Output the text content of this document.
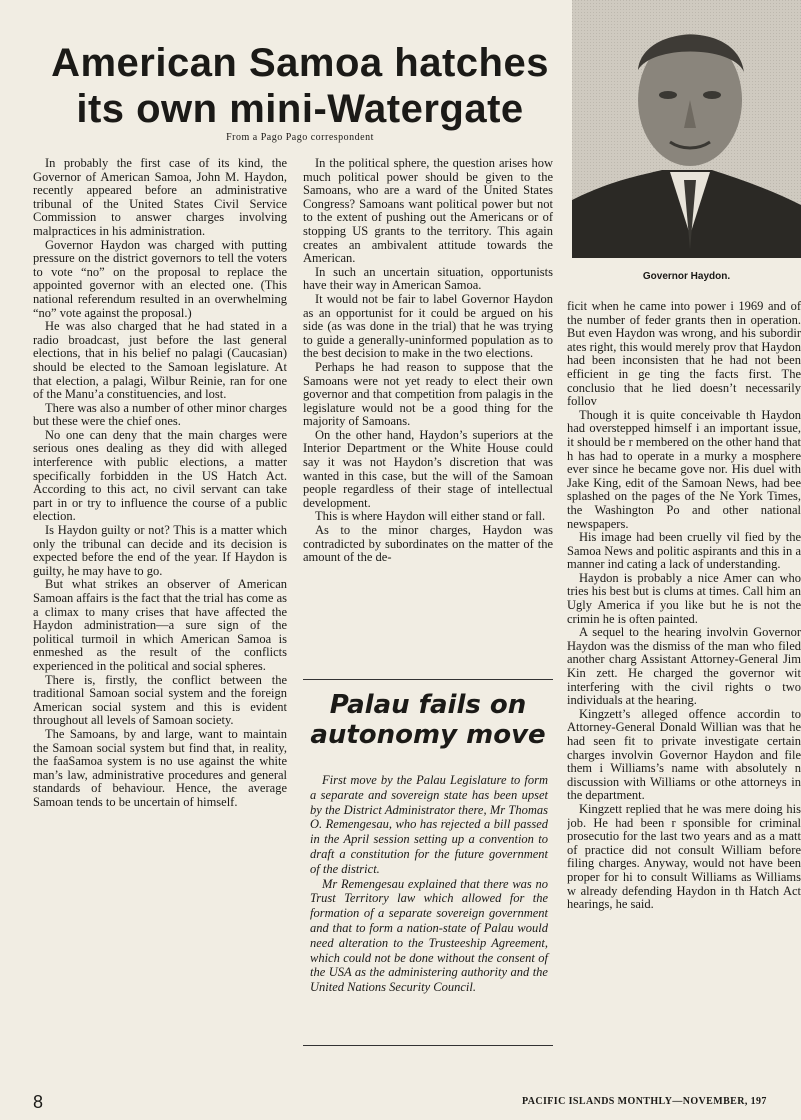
American Samoa hatches
its own mini-Watergate
From a Pago Pago correspondent
Governor Haydon.

In probably the first case of its kind, the Governor of American Samoa, John M. Haydon, recently appeared before an administrative tribunal of the United States Civil Service Commission to answer charges involving malpractices in his administration.

Governor Haydon was charged with putting pressure on the district governors to tell the voters to vote “no” on the proposal to replace the appointed governor with an elected one. (This national referendum resulted in an overwhelming “no” vote against the proposal.)

He was also charged that he had stated in a radio broadcast, just before the last general elections, that in his belief no palagi (Caucasian) should be elected to the Samoan legislature. At that election, a palagi, Wilbur Reinie, ran for one of the Manu’a constituencies, and lost.

There was also a number of other minor charges but these were the chief ones.

No one can deny that the main charges were serious ones dealing as they did with alleged interference with public elections, a matter specifically forbidden in the US Hatch Act. According to this act, no civil servant can take part in or try to influence the course of a public election.

Is Haydon guilty or not? This is a matter which only the tribunal can decide and its decision is expected before the end of the year. If Haydon is guilty, he may have to go.

But what strikes an observer of American Samoan affairs is the fact that the trial has come as a climax to many crises that have affected the Haydon administration—a sure sign of the political turmoil in which American Samoa is enmeshed as the result of the conflicts experienced in the political and social spheres.

There is, firstly, the conflict between the traditional Samoan social system and the foreign American social system and this is evident throughout all levels of Samoan society.

The Samoans, by and large, want to maintain the Samoan social system but find that, in reality, the faaSamoa system is no use against the white man’s law, administrative procedures and general standards of behaviour. Hence, the average Samoan tends to be uncertain of himself.

In the political sphere, the question arises how much political power should be given to the Samoans, who are a ward of the United States Congress? Samoans want political power but not to the extent of pushing out the Americans or of stopping US grants to the territory. This again creates an ambivalent attitude towards the American.

In such an uncertain situation, opportunists have their way in American Samoa.

It would not be fair to label Governor Haydon as an opportunist for it could be argued on his side (as was done in the trial) that he was trying to guide a generally-uninformed population as to the best decision to make in the two elections.

Perhaps he had reason to suppose that the Samoans were not yet ready to elect their own governor and that competition from palagis in the legislature would not be a good thing for the majority of Samoans.

On the other hand, Haydon’s superiors at the Interior Department or the White House could say it was not Haydon’s discretion that was wanted in this case, but the will of the Samoan people regardless of their stage of intellectual development.

This is where Haydon will either stand or fall.

As to the minor charges, Haydon was contradicted by subordinates on the matter of the amount of the de-

Palau fails on
autonomy move

First move by the Palau Legislature to form a separate and sovereign state has been upset by the District Administrator there, Mr Thomas O. Remengesau, who has rejected a bill passed in the April session setting up a convention to draft a constitution for the future government of the district.

Mr Remengesau explained that there was no Trust Territory law which allowed for the formation of a separate sovereign government and that to form a nation-state of Palau would need alteration to the Trusteeship Agreement, which could not be done without the consent of the USA as the administering authority and the United Nations Security Council.

ficit when he came into power i 1969 and of the number of feder grants then in operation. But even Haydon was wrong, and his subordir ates right, this would merely prov that Haydon had been inconsisten that he had not been efficient in ge ting the facts first. The conclusio that he lied doesn’t necessarily follov

Though it is quite conceivable th Haydon had overstepped himself i an important issue, it should be r membered on the other hand that h has had to operate in a murky a mosphere ever since he became gove nor. His duel with Jake King, edit of the Samoan News, had bee splashed on the pages of the Ne York Times, the Washington Po and other national newspapers.

His image had been cruelly vil fied by the Samoa News and politic aspirants and this in a manner ind cating a lack of understanding.

Haydon is probably a nice Amer can who tries his best but is clums at times. Call him an Ugly America if you like but he is not the crimin he is often painted.

A sequel to the hearing involvin Governor Haydon was the dismiss of the man who filed another charg Assistant Attorney-General Jim Kin zett. He charged the governor wit interfering with the civil rights o two individuals at the hearing.

Kingzett’s alleged offence accordin to Attorney-General Donald Willian was that he had seen fit to private investigate certain charges involvin Governor Haydon and file them i Williams’s name with absolutely n discussion with Williams or othe attorneys in the department.

Kingzett replied that he was mere doing his job. He had been r sponsible for criminal prosecutio for the last two years and as a matt of practice did not consult William before filing charges. Anyway, would not have been proper for hi to consult Williams as Williams w already defending Haydon in th Hatch Act hearings, he said.

8	PACIFIC ISLANDS MONTHLY—NOVEMBER, 197
